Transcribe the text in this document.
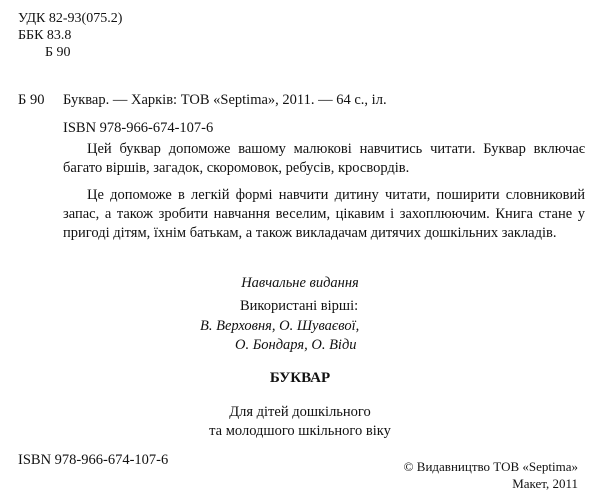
УДК 82-93(075.2)
ББК 83.8
Б 90
Б 90 Буквар. — Харків: ТОВ «Septima», 2011. — 64 с., іл.
ISBN 978-966-674-107-6
Цей буквар допоможе вашому малюкові навчитись читати. Буквар включає багато віршів, загадок, скоромовок, ребусів, кросвордів.
Це допоможе в легкій формі навчити дитину читати, поширити словниковий запас, а також зробити навчання веселим, цікавим і захоплюючим. Книга стане у пригоді дітям, їхнім батькам, а також викладачам дитячих дошкільних закладів.
Навчальне видання
Використані вірші:
В. Верховня, О. Шуваєвої,
О. Бондаря, О. Віди
БУКВАР
Для дітей дошкільного
та молодшого шкільного віку
ISBN 978-966-674-107-6	© Видавництво ТОВ «Septima»
Макет, 2011
